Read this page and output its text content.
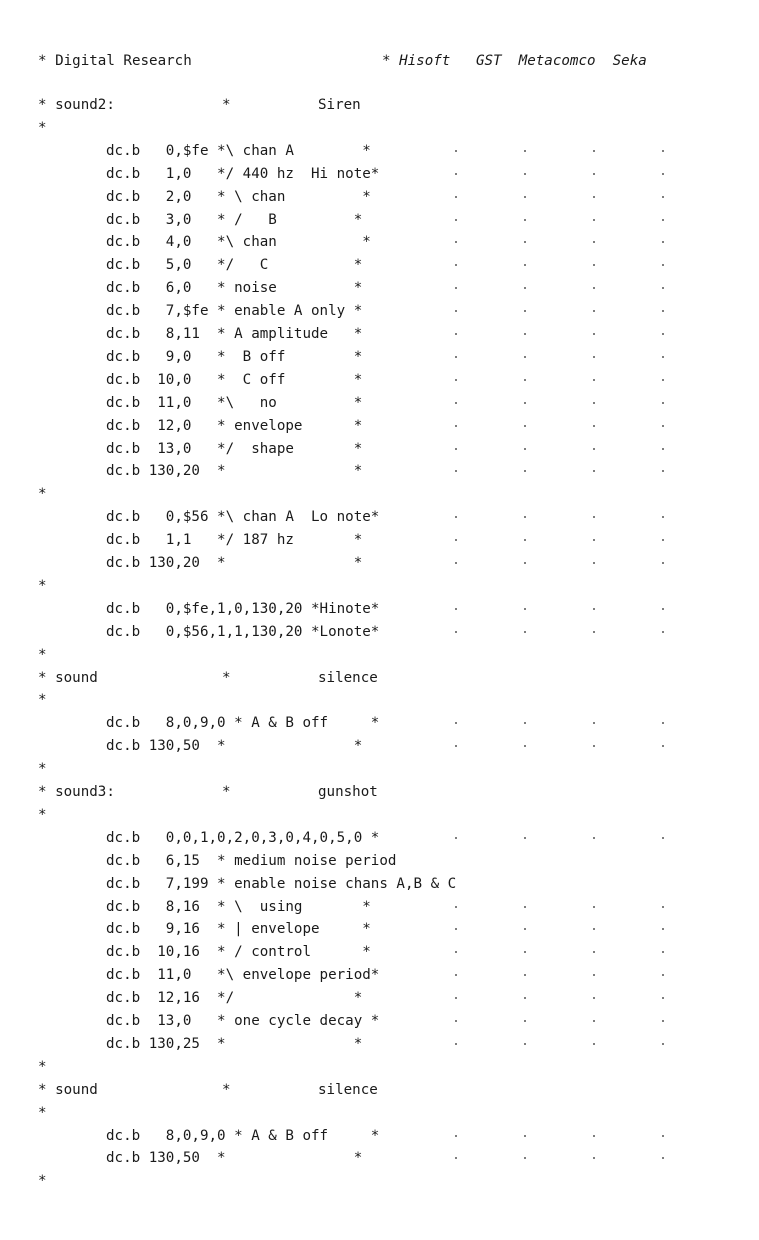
* Digital Research	* Hisoft   GST  Metacomco  Seka
* sound2:	*	Siren
*
dc.b   0,$fe *\ chan A        *
dc.b   1,0   */ 440 hz  Hi note*
dc.b   2,0   * \ chan         *
dc.b   3,0   * /   B         *
dc.b   4,0   *\ chan          *
dc.b   5,0   */   C          *
dc.b   6,0   * noise         *
dc.b   7,$fe * enable A only *
dc.b   8,11  * A amplitude   *
dc.b   9,0   *  B off        *
dc.b  10,0   *  C off        *
dc.b  11,0   *\   no         *
dc.b  12,0   * envelope      *
dc.b  13,0   */  shape       *
dc.b 130,20  *               *
*
dc.b   0,$56 *\ chan A  Lo note*
dc.b   1,1   */ 187 hz       *
dc.b 130,20  *               *
*
dc.b   0,$fe,1,0,130,20 *Hinote*
dc.b   0,$56,1,1,130,20 *Lonote*
*
* sound	*	silence
*
dc.b   8,0,9,0 * A & B off     *
dc.b 130,50  *               *
*
* sound3:	*	gunshot
*
dc.b   0,0,1,0,2,0,3,0,4,0,5,0 *
dc.b   6,15  * medium noise period
dc.b   7,199 * enable noise chans A,B & C
dc.b   8,16  * \  using       *
dc.b   9,16  * | envelope     *
dc.b  10,16  * / control      *
dc.b  11,0   *\ envelope period*
dc.b  12,16  */              *
dc.b  13,0   * one cycle decay *
dc.b 130,25  *               *
*
* sound	*	silence
*
dc.b   8,0,9,0 * A & B off     *
dc.b 130,50  *               *
*
